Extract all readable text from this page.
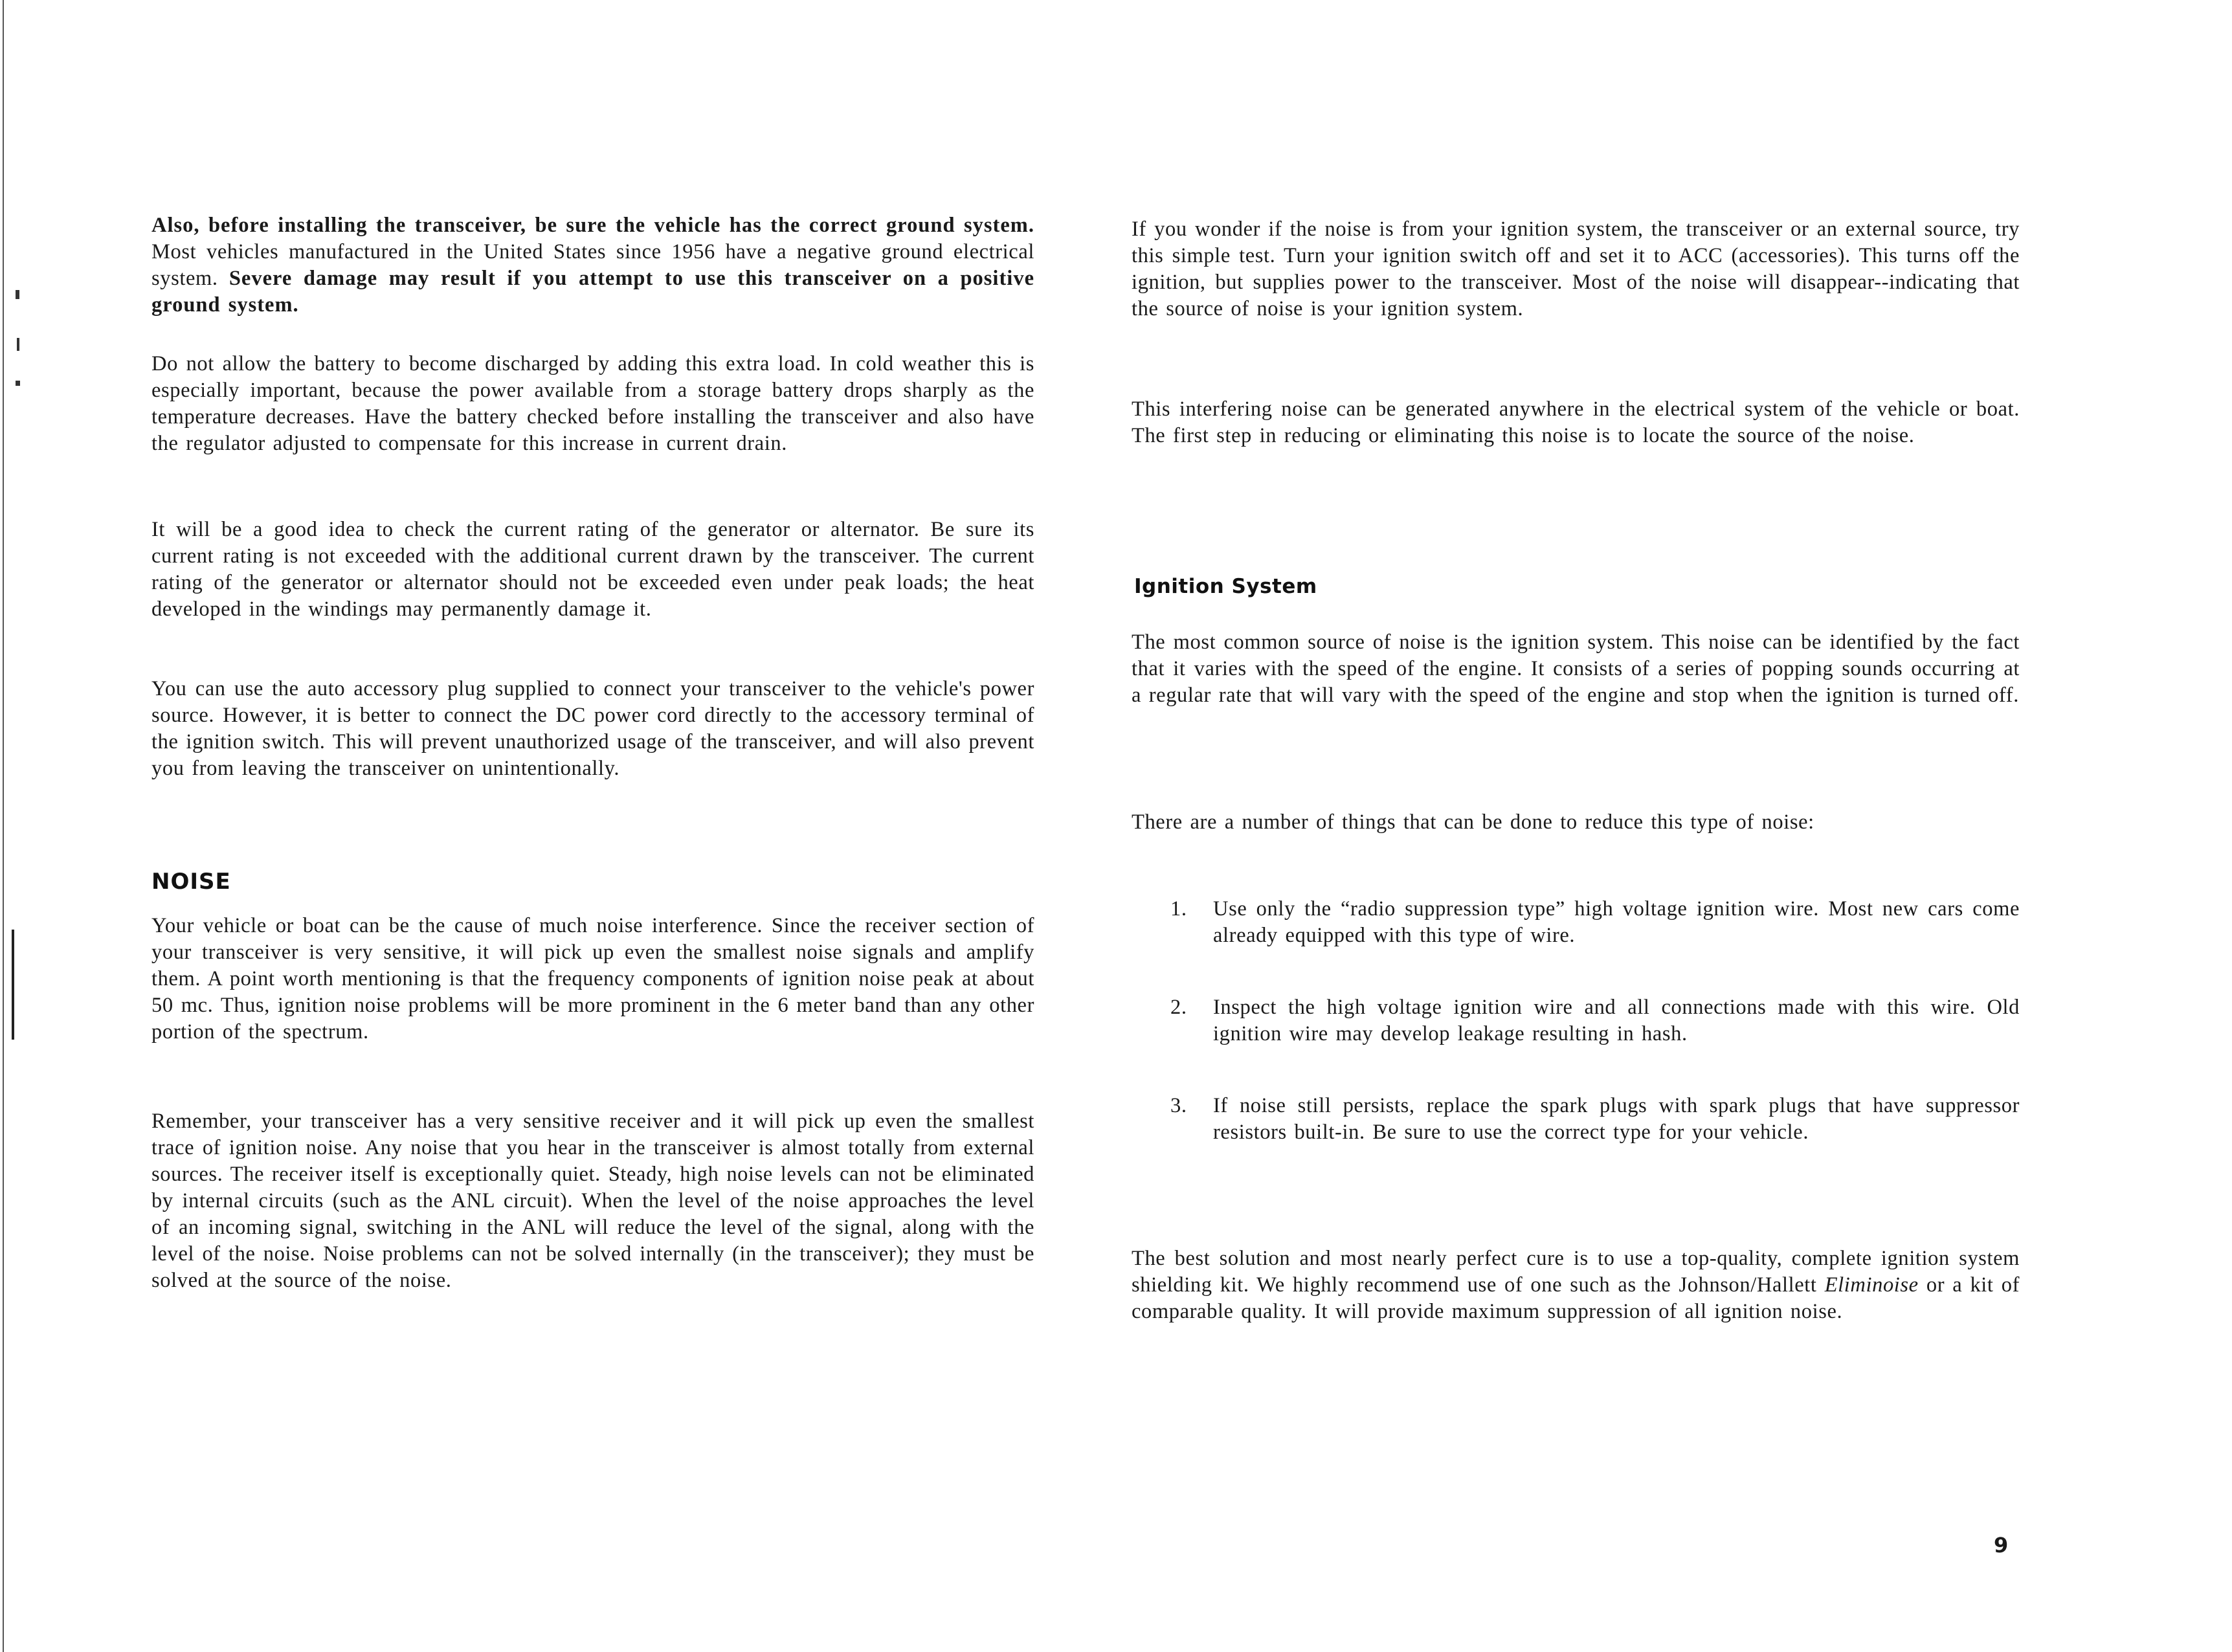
Also, before installing the transceiver, be sure the vehicle has the correct ground system. Most vehicles manufactured in the United States since 1956 have a negative ground electrical system. Severe damage may result if you attempt to use this transceiver on a positive ground system.

Do not allow the battery to become discharged by adding this extra load. In cold weather this is especially important, because the power available from a storage battery drops sharply as the temperature decreases. Have the battery checked before installing the transceiver and also have the regulator adjusted to compensate for this increase in current drain.

It will be a good idea to check the current rating of the generator or alternator. Be sure its current rating is not exceeded with the additional current drawn by the transceiver. The current rating of the generator or alternator should not be exceeded even under peak loads; the heat developed in the windings may permanently damage it.

You can use the auto accessory plug supplied to connect your transceiver to the vehicle's power source. However, it is better to connect the DC power cord directly to the accessory terminal of the ignition switch. This will prevent unauthorized usage of the transceiver, and will also prevent you from leaving the transceiver on unintentionally.

NOISE

Your vehicle or boat can be the cause of much noise interference. Since the receiver section of your transceiver is very sensitive, it will pick up even the smallest noise signals and amplify them. A point worth mentioning is that the frequency components of ignition noise peak at about 50 mc. Thus, ignition noise problems will be more prominent in the 6 meter band than any other portion of the spectrum.

Remember, your transceiver has a very sensitive receiver and it will pick up even the smallest trace of ignition noise. Any noise that you hear in the transceiver is almost totally from external sources. The receiver itself is exceptionally quiet. Steady, high noise levels can not be eliminated by internal circuits (such as the ANL circuit). When the level of the noise approaches the level of an incoming signal, switching in the ANL will reduce the level of the signal, along with the level of the noise. Noise problems can not be solved internally (in the transceiver); they must be solved at the source of the noise.

If you wonder if the noise is from your ignition system, the transceiver or an external source, try this simple test. Turn your ignition switch off and set it to ACC (accessories). This turns off the ignition, but supplies power to the transceiver. Most of the noise will disappear--indicating that the source of noise is your ignition system.

This interfering noise can be generated anywhere in the electrical system of the vehicle or boat. The first step in reducing or eliminating this noise is to locate the source of the noise.

Ignition System

The most common source of noise is the ignition system. This noise can be identified by the fact that it varies with the speed of the engine. It consists of a series of popping sounds occurring at a regular rate that will vary with the speed of the engine and stop when the ignition is turned off.

There are a number of things that can be done to reduce this type of noise:

1.	Use only the “radio suppression type” high voltage ignition wire. Most new cars come already equipped with this type of wire.
2.	Inspect the high voltage ignition wire and all connections made with this wire. Old ignition wire may develop leakage resulting in hash.
3.	If noise still persists, replace the spark plugs with spark plugs that have suppressor resistors built-in. Be sure to use the correct type for your vehicle.

The best solution and most nearly perfect cure is to use a top-quality, complete ignition system shielding kit. We highly recommend use of one such as the Johnson/Hallett Eliminoise or a kit of comparable quality. It will provide maximum suppression of all ignition noise.

9
